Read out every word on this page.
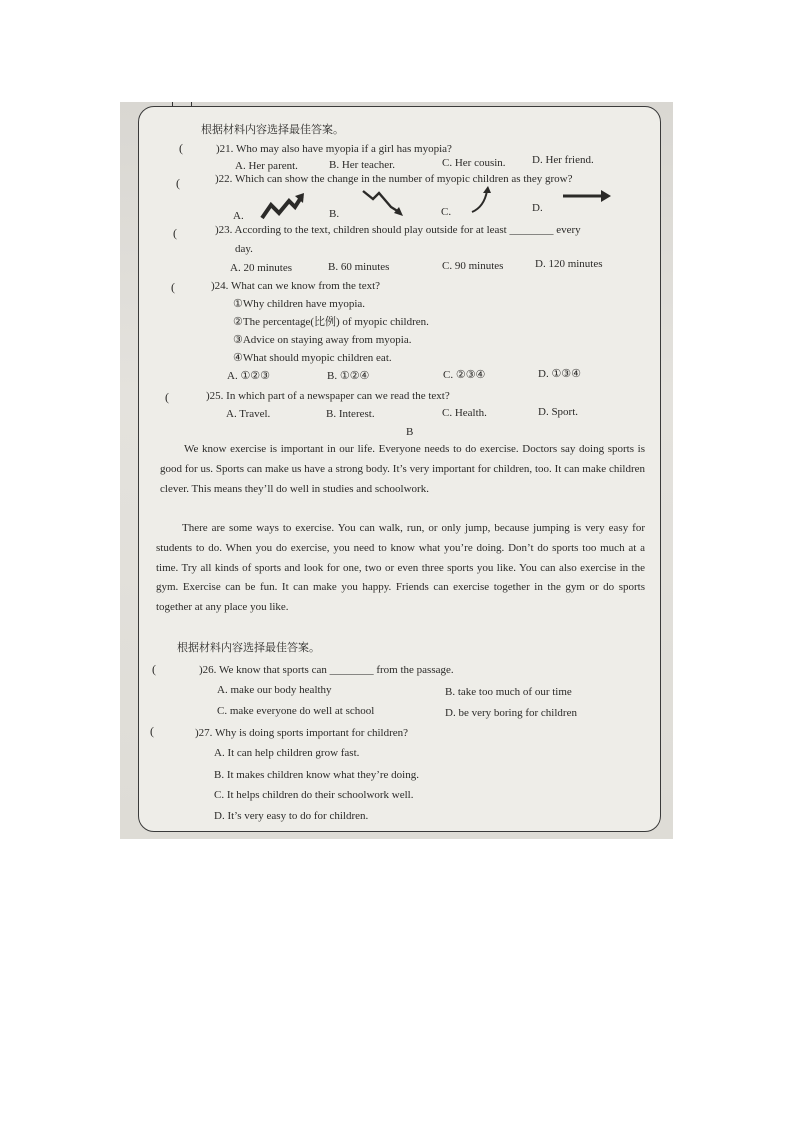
根据材料内容选择最佳答案。
(	)21. Who may also have myopia if a girl has myopia?
A. Her parent.	B. Her teacher.	C. Her cousin. D. Her friend.
(	)22. Which can show the change in the number of myopic children as they grow?
A.	B.	C.	D.
(	)23. According to the text, children should play outside for at least ________ every
day.
A. 20 minutes	B. 60 minutes	C. 90 minutes	D. 120 minutes
(	)24. What can we know from the text?
①Why children have myopia.
②The percentage(比例) of myopic children.
③Advice on staying away from myopia.
④What should myopic children eat.
A. ①②③	B. ①②④	C. ②③④	D. ①③④
(	)25. In which part of a newspaper can we read the text?
A. Travel.	B. Interest.	C. Health.	D. Sport.
B
We know exercise is important in our life. Everyone needs to do exercise. Doctors say doing sports is good for us. Sports can make us have a strong body. It’s very important for children, too. It can make children clever. This means they’ll do well in studies and schoolwork.
There are some ways to exercise. You can walk, run, or only jump, because jumping is very easy for students to do. When you do exercise, you need to know what you’re doing. Don’t do sports too much at a time. Try all kinds of sports and look for one, two or even three sports you like. You can also exercise in the gym. Exercise can be fun. It can make you happy. Friends can exercise together in the gym or do sports together at any place you like.
根据材料内容选择最佳答案。
(	)26. We know that sports can ________ from the passage.
A. make our body healthy	B. take too much of our time
C. make everyone do well at school	D. be very boring for children
(	)27. Why is doing sports important for children?
A. It can help children grow fast.
B. It makes children know what they’re doing.
C. It helps children do their schoolwork well.
D. It’s very easy to do for children.
